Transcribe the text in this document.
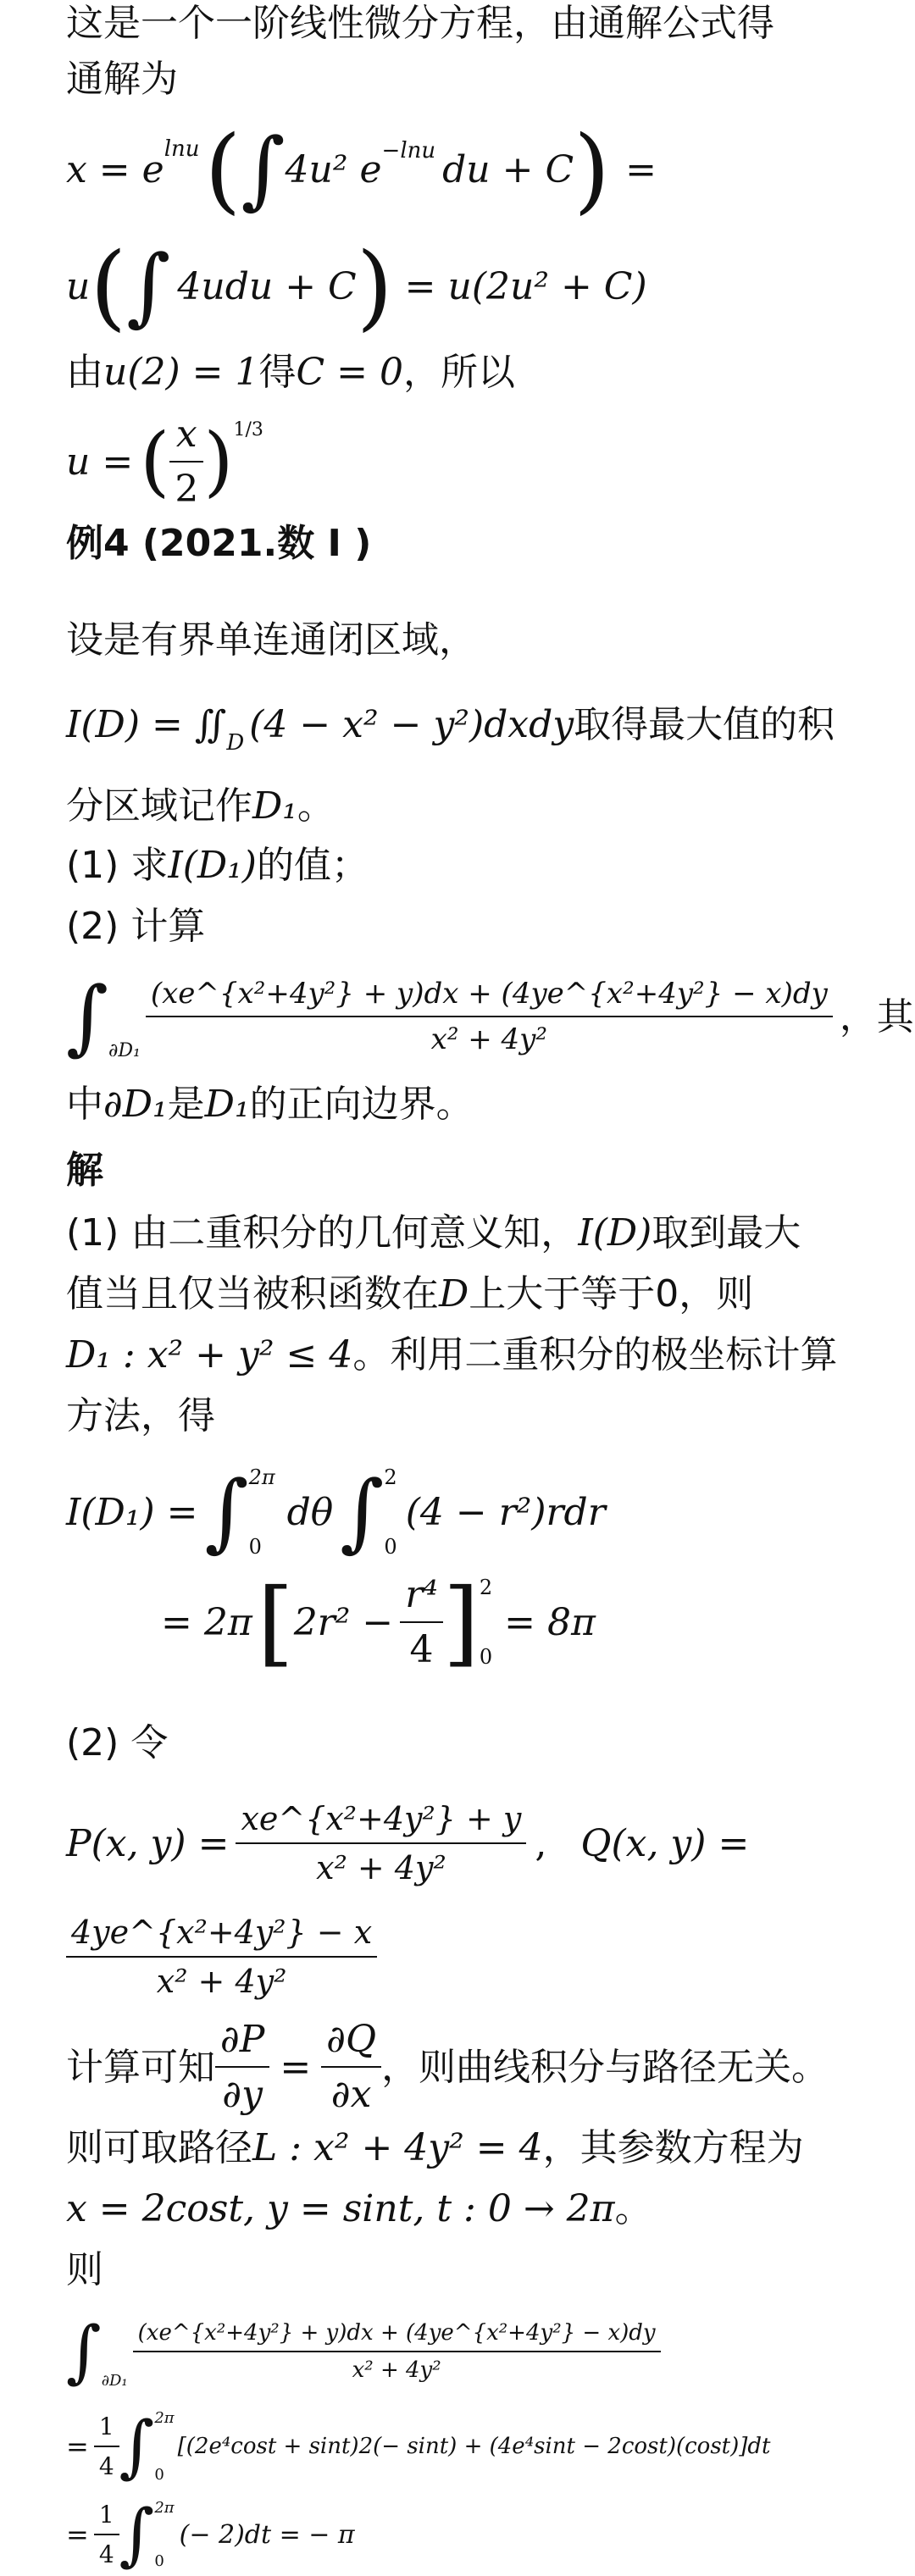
这是一个一阶线性微分方程，由通解公式得
通解为
$x = e^{lnu}$ ( ∫ 4u² $e^{-lnu}$ du + C ) =
u ( ∫ 4udu + C ) = u(2u² + C)
由 u(2) = 1 得 C = 0 ，所以
u = ( $\frac{x}{2} )^{1/3}$
例4 (2021.数 I )
设是有界单连通闭区域，
$I(D) = ∬_D$ (4 − x² − y²)dxdy 取得最大值的积
分区域记作 D₁ 。
(1) 求 I(D₁) 的值；
(2) 计算
$\int_{\partial D_1} \frac{\text{(xe\textasciicircum{}\{x²+4y²\} + y)dx + (4ye\textasciicircum{}\{x²+4y²\} − x)dy}}{\text{x² + 4y²}}$ ，其
中 ∂D₁ 是 D₁ 的正向边界。
解
(1) 由二重积分的几何意义知， I(D) 取到最大
值当且仅当被积函数在 D 上大于等于0，则
D₁ : x² + y² ≤ 4 。利用二重积分的极坐标计算
方法，得
I(D₁) = ∫ 2π
0
dθ ∫ 2
0
(4 − r²)rdr
= 2π [ $2r^2 - \frac{\text{r⁴}}{4}$ ] 2
0
= 8π
(2) 令
P(x, $y) = \frac{\text{xe\textasciicircum{}\{x²+4y²\} + y}}{\text{x² + 4y²}}$ , Q(x, y) =
$\frac{\text{4ye\textasciicircum{}\{x²+4y²\} − x}}{\text{x² + 4y²}}$
计算可知 $\frac{\partial P}{\partial y} = \frac{\partial Q}{\partial x}$ ，则曲线积分与路径无关。
则可取路径 L : x² + 4y² = 4 ，其参数方程为
x = 2cost, y = sint, t : 0 → 2π 。
则
$\int_{\partial D_1} \frac{\text{(xe\textasciicircum{}\{x²+4y²\} + y)dx + (4ye\textasciicircum{}\{x²+4y²\} − x)dy}}{\text{x² + 4y²}}$
= $\frac{1}{4}$ ∫ 2π
0
[(2e⁴cost + sint)2(− sint) + (4e⁴sint − 2cost)(cost)]dt
= $\frac{1}{4}$ ∫ 2π
0
(− 2)dt = − π
